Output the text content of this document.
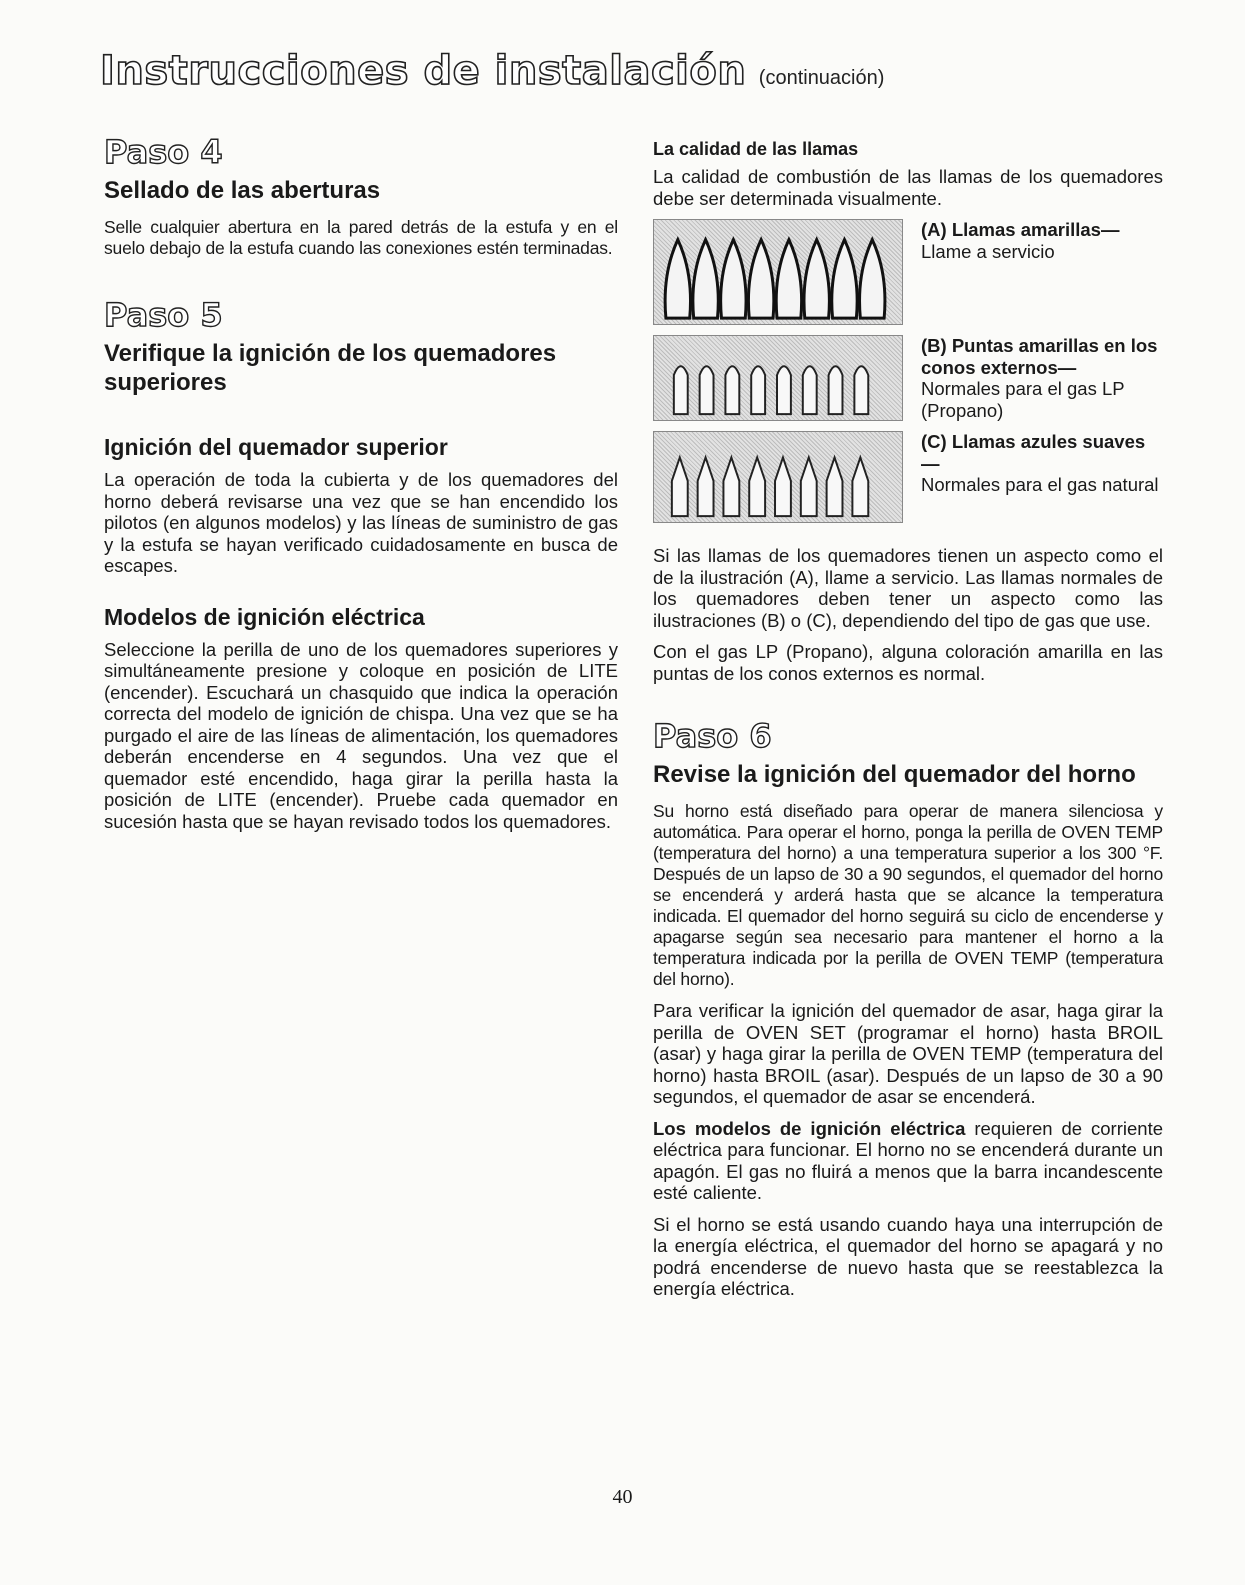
Instrucciones de instalación (continuación)
Paso 4
Sellado de las aberturas

Selle cualquier abertura en la pared detrás de la estufa y en el suelo debajo de la estufa cuando las conexiones estén terminadas.

Paso 5
Verifique la ignición de los quemadores superiores
Ignición del quemador superior

La operación de toda la cubierta y de los quemadores del horno deberá revisarse una vez que se han encendido los pilotos (en algunos modelos) y las líneas de suministro de gas y la estufa se hayan verificado cuidadosamente en busca de escapes.

Modelos de ignición eléctrica

Seleccione la perilla de uno de los quemadores superiores y simultáneamente presione y coloque en posición de LITE (encender). Escuchará un chasquido que indica la operación correcta del modelo de ignición de chispa. Una vez que se ha purgado el aire de las líneas de alimentación, los quemadores deberán encenderse en 4 segundos. Una vez que el quemador esté encendido, haga girar la perilla hasta la posición de LITE (encender). Pruebe cada quemador en sucesión hasta que se hayan revisado todos los quemadores.

La calidad de las llamas

La calidad de combustión de las llamas de los quemadores debe ser determinada visualmente.

(A) Llamas amarillas—
Llame a servicio
(B) Puntas amarillas en los conos externos—
Normales para el gas LP (Propano)
(C) Llamas azules suaves—
Normales para el gas natural

Si las llamas de los quemadores tienen un aspecto como el de la ilustración (A), llame a servicio. Las llamas normales de los quemadores deben tener un aspecto como las ilustraciones (B) o (C), dependiendo del tipo de gas que use.

Con el gas LP (Propano), alguna coloración amarilla en las puntas de los conos externos es normal.

Paso 6
Revise la ignición del quemador del horno

Su horno está diseñado para operar de manera silenciosa y automática. Para operar el horno, ponga la perilla de OVEN TEMP (temperatura del horno) a una temperatura superior a los 300 °F. Después de un lapso de 30 a 90 segundos, el quemador del horno se encenderá y arderá hasta que se alcance la temperatura indicada. El quemador del horno seguirá su ciclo de encenderse y apagarse según sea necesario para mantener el horno a la temperatura indicada por la perilla de OVEN TEMP (temperatura del horno).

Para verificar la ignición del quemador de asar, haga girar la perilla de OVEN SET (programar el horno) hasta BROIL (asar) y haga girar la perilla de OVEN TEMP (temperatura del horno) hasta BROIL (asar). Después de un lapso de 30 a 90 segundos, el quemador de asar se encenderá.

Los modelos de ignición eléctrica requieren de corriente eléctrica para funcionar. El horno no se encenderá durante un apagón. El gas no fluirá a menos que la barra incandescente esté caliente.

Si el horno se está usando cuando haya una interrupción de la energía eléctrica, el quemador del horno se apagará y no podrá encenderse de nuevo hasta que se reestablezca la energía eléctrica.

40
